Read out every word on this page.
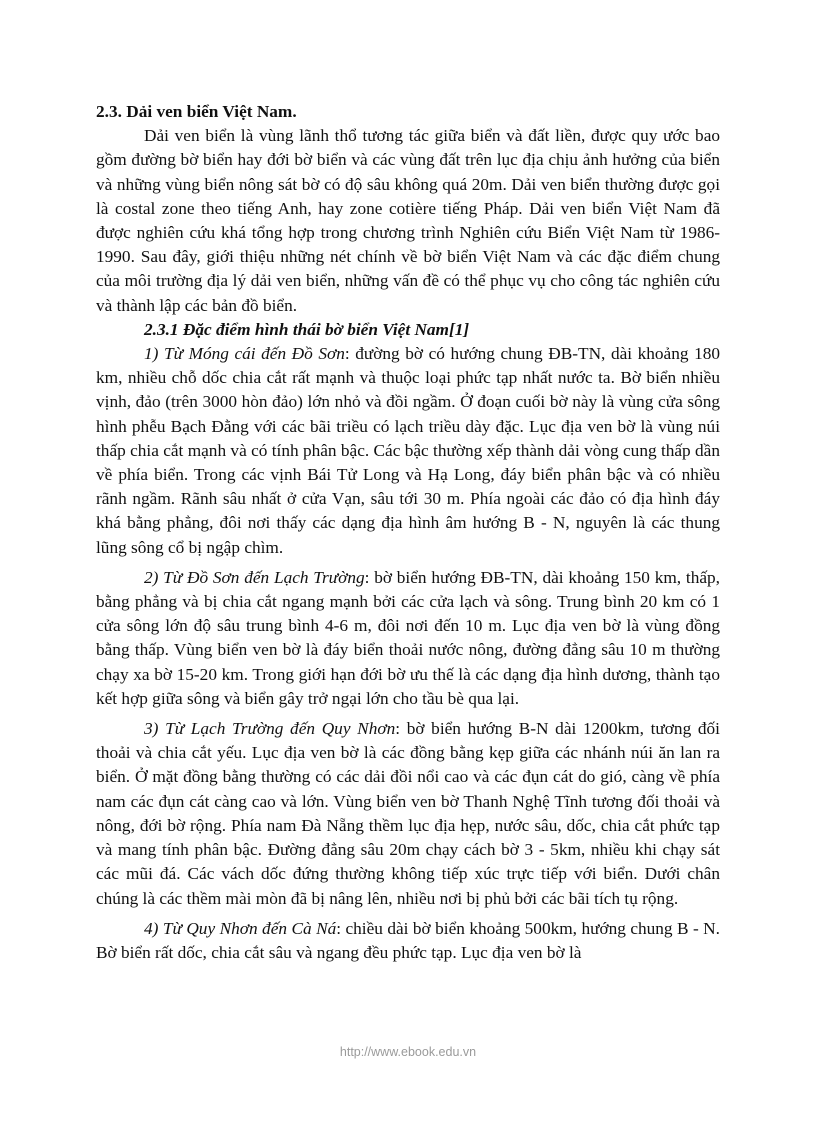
2.3. Dải ven biển Việt Nam.

Dải ven biển là vùng lãnh thổ tương tác giữa biển và đất liền, được quy ước bao gồm đường bờ biển hay đới bờ biển và các vùng đất trên lục địa chịu ảnh hưởng của biển và những vùng biển nông sát bờ có độ sâu không quá 20m. Dải ven biển thường được gọi là costal zone theo tiếng Anh, hay zone cotière tiếng Pháp. Dải ven biển Việt Nam đã được nghiên cứu khá tổng hợp trong chương trình Nghiên cứu Biển Việt Nam từ 1986-1990. Sau đây, giới thiệu những nét chính về bờ biển Việt Nam và các đặc điểm chung của môi trường địa lý dải ven biển, những vấn đề có thể phục vụ cho công tác nghiên cứu và thành lập các bản đồ biển.

2.3.1 Đặc điểm hình thái bờ biển Việt Nam[1]

1) Từ Móng cái đến Đồ Sơn: đường bờ có hướng chung ĐB-TN, dài khoảng 180 km, nhiều chỗ dốc chia cắt rất mạnh và thuộc loại phức tạp nhất nước ta. Bờ biển nhiều vịnh, đảo (trên 3000 hòn đảo) lớn nhỏ và đồi ngầm. Ở đoạn cuối bờ này là vùng cửa sông hình phễu Bạch Đằng với các bãi triều có lạch triều dày đặc. Lục địa ven bờ là vùng núi thấp chia cắt mạnh và có tính phân bậc. Các bậc thường xếp thành dải vòng cung thấp dần về phía biển. Trong các vịnh Bái Tử Long và Hạ Long, đáy biển phân bậc và có nhiều rãnh ngầm. Rãnh sâu nhất ở cửa Vạn, sâu tới 30 m. Phía ngoài các đảo có địa hình đáy khá bằng phẳng, đôi nơi thấy các dạng địa hình âm hướng B - N, nguyên là các thung lũng sông cổ bị ngập chìm.

2) Từ Đồ Sơn đến Lạch Trường: bờ biển hướng ĐB-TN, dài khoảng 150 km, thấp, bằng phẳng và bị chia cắt ngang mạnh bởi các cửa lạch và sông. Trung bình 20 km có 1 cửa sông lớn độ sâu trung bình 4-6 m, đôi nơi đến 10 m. Lục địa ven bờ là vùng đồng bằng thấp. Vùng biển ven bờ là đáy biển thoải nước nông, đường đẳng sâu 10 m thường chạy xa bờ 15-20 km. Trong giới hạn đới bờ ưu thế là các dạng địa hình dương, thành tạo kết hợp giữa sông và biển gây trở ngại lớn cho tầu bè qua lại.

3) Từ Lạch Trường đến Quy Nhơn: bờ biển hướng B-N dài 1200km, tương đối thoải và chia cắt yếu. Lục địa ven bờ là các đồng bằng kẹp giữa các nhánh núi ăn lan ra biển. Ở mặt đồng bằng thường có các dải đồi nổi cao và các đụn cát do gió, càng về phía nam các đụn cát càng cao và lớn. Vùng biển ven bờ Thanh Nghệ Tĩnh tương đối thoải và nông, đới bờ rộng. Phía nam Đà Nẵng thềm lục địa hẹp, nước sâu, dốc, chia cắt phức tạp và mang tính phân bậc. Đường đẳng sâu 20m chạy cách bờ 3 - 5km, nhiều khi chạy sát các mũi đá. Các vách dốc đứng thường không tiếp xúc trực tiếp với biển. Dưới chân chúng là các thềm mài mòn đã bị nâng lên, nhiều nơi bị phủ bởi các bãi tích tụ rộng.

4) Từ Quy Nhơn đến Cà Ná: chiều dài bờ biển khoảng 500km, hướng chung B - N. Bờ biển rất dốc, chia cắt sâu và ngang đều phức tạp. Lục địa ven bờ là

http://www.ebook.edu.vn
